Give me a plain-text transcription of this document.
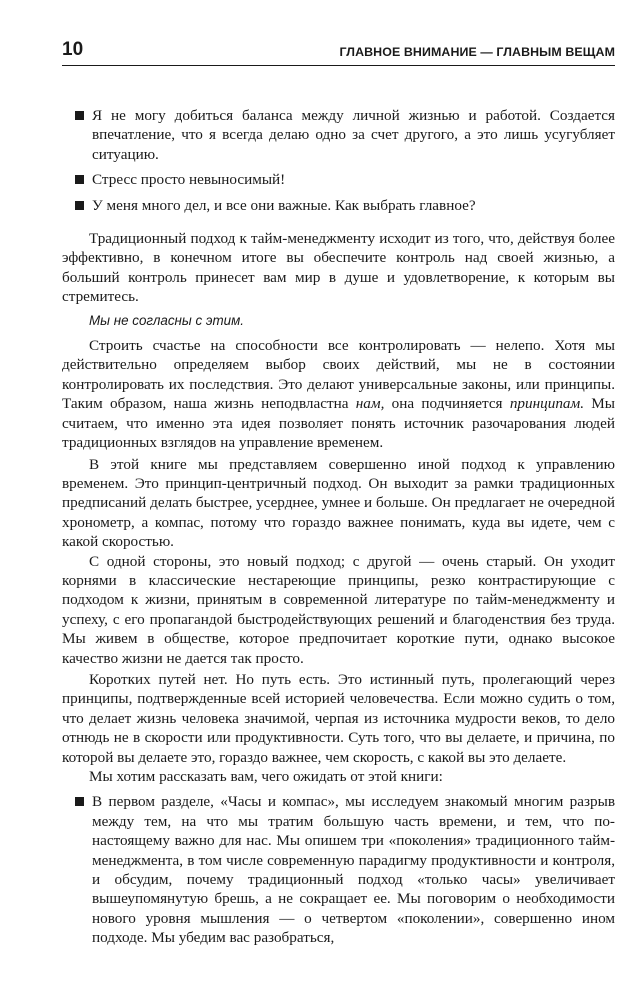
10	ГЛАВНОЕ ВНИМАНИЕ — ГЛАВНЫМ ВЕЩАМ
Я не могу добиться баланса между личной жизнью и работой. Создается впечатление, что я всегда делаю одно за счет другого, а это лишь усугубляет ситуацию.
Стресс просто невыносимый!
У меня много дел, и все они важные. Как выбрать главное?

Традиционный подход к тайм-менеджменту исходит из того, что, действуя более эффективно, в конечном итоге вы обеспечите контроль над своей жизнью, а больший контроль принесет вам мир в душе и удовлетворение, к которым вы стремитесь.

Мы не согласны с этим.

Строить счастье на способности все контролировать — нелепо. Хотя мы действительно определяем выбор своих действий, мы не в состоянии контролировать их последствия. Это делают универсальные законы, или принципы. Таким образом, наша жизнь неподвластна нам, она подчиняется принципам. Мы считаем, что именно эта идея позволяет понять источник разочарования людей традиционных взглядов на управление временем.

В этой книге мы представляем совершенно иной подход к управлению временем. Это принцип-центричный подход. Он выходит за рамки традиционных предписаний делать быстрее, усерднее, умнее и больше. Он предлагает не очередной хронометр, а компас, потому что гораздо важнее понимать, куда вы идете, чем с какой скоростью.

С одной стороны, это новый подход; с другой — очень старый. Он уходит корнями в классические нестареющие принципы, резко контрастирующие с подходом к жизни, принятым в современной литературе по тайм-менеджменту и успеху, с его пропагандой быстродействующих решений и благоденствия без труда. Мы живем в обществе, которое предпочитает короткие пути, однако высокое качество жизни не дается так просто.

Коротких путей нет. Но путь есть. Это истинный путь, пролегающий через принципы, подтвержденные всей историей человечества. Если можно судить о том, что делает жизнь человека значимой, черпая из источника мудрости веков, то дело отнюдь не в скорости или продуктивности. Суть того, что вы делаете, и причина, по которой вы делаете это, гораздо важнее, чем скорость, с какой вы это делаете.

Мы хотим рассказать вам, чего ожидать от этой книги:

В первом разделе, «Часы и компас», мы исследуем знакомый многим разрыв между тем, на что мы тратим большую часть времени, и тем, что по-настоящему важно для нас. Мы опишем три «поколения» традиционного тайм-менеджмента, в том числе современную парадигму продуктивности и контроля, и обсудим, почему традиционный подход «только часы» увеличивает вышеупомянутую брешь, а не сокращает ее. Мы поговорим о необходимости нового уровня мышления — о четвертом «поколении», совершенно ином подходе. Мы убедим вас разобраться,
